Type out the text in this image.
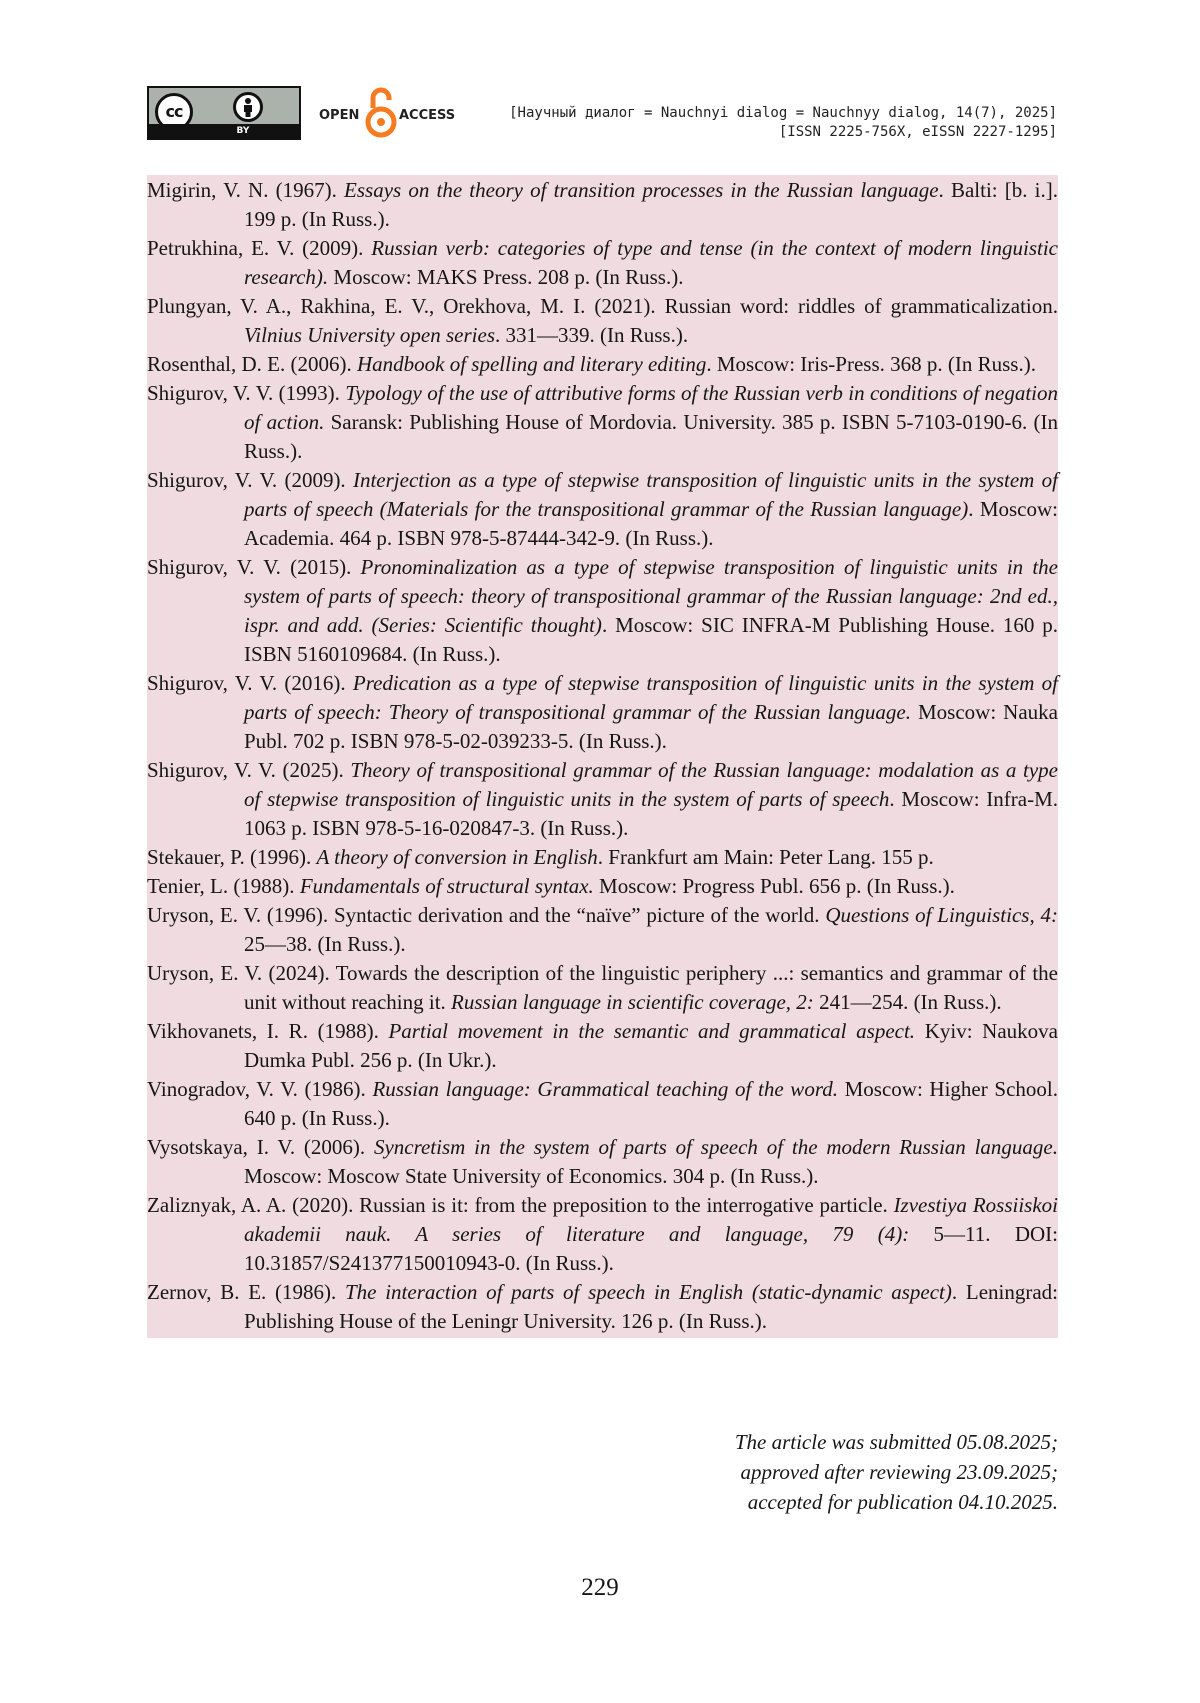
cc
BY
OPEN	ACCESS	[Научный диалог = Nauchnyi dialog = Nauchnyy dialog, 14(7), 2025]
[ISSN 2225-756X, eISSN 2227-1295]
Migirin, V. N. (1967). Essays on the theory of transition processes in the Russian language. Balti: [b. i.]. 199 p. (In Russ.).
Petrukhina, E. V. (2009). Russian verb: categories of type and tense (in the context of modern linguistic research). Moscow: MAKS Press. 208 p. (In Russ.).
Plungyan, V. A., Rakhina, E. V., Orekhova, M. I. (2021). Russian word: riddles of grammaticalization. Vilnius University open series. 331—339. (In Russ.).
Rosenthal, D. E. (2006). Handbook of spelling and literary editing. Moscow: Iris-Press. 368 p. (In Russ.).
Shigurov, V. V. (1993). Typology of the use of attributive forms of the Russian verb in conditions of negation of action. Saransk: Publishing House of Mordovia. University. 385 p. ISBN 5-7103-0190-6. (In Russ.).
Shigurov, V. V. (2009). Interjection as a type of stepwise transposition of linguistic units in the system of parts of speech (Materials for the transpositional grammar of the Russian language). Moscow: Academia. 464 p. ISBN 978-5-87444-342-9. (In Russ.).
Shigurov, V. V. (2015). Pronominalization as a type of stepwise transposition of linguistic units in the system of parts of speech: theory of transpositional grammar of the Russian language: 2nd ed., ispr. and add. (Series: Scientific thought). Moscow: SIC INFRA-M Publishing House. 160 p. ISBN 5160109684. (In Russ.).
Shigurov, V. V. (2016). Predication as a type of stepwise transposition of linguistic units in the system of parts of speech: Theory of transpositional grammar of the Russian language. Moscow: Nauka Publ. 702 p. ISBN 978-5-02-039233-5. (In Russ.).
Shigurov, V. V. (2025). Theory of transpositional grammar of the Russian language: modalation as a type of stepwise transposition of linguistic units in the system of parts of speech. Moscow: Infra-M. 1063 p. ISBN 978-5-16-020847-3. (In Russ.).
Stekauer, P. (1996). A theory of conversion in English. Frankfurt am Main: Peter Lang. 155 p.
Tenier, L. (1988). Fundamentals of structural syntax. Moscow: Progress Publ. 656 p. (In Russ.).
Uryson, E. V. (1996). Syntactic derivation and the “naïve” picture of the world. Questions of Linguistics, 4: 25—38. (In Russ.).
Uryson, E. V. (2024). Towards the description of the linguistic periphery ...: semantics and grammar of the unit without reaching it. Russian language in scientific coverage, 2: 241—254. (In Russ.).
Vikhovanets, I. R. (1988). Partial movement in the semantic and grammatical aspect. Kyiv: Naukova Dumka Publ. 256 p. (In Ukr.).
Vinogradov, V. V. (1986). Russian language: Grammatical teaching of the word. Moscow: Higher School. 640 p. (In Russ.).
Vysotskaya, I. V. (2006). Syncretism in the system of parts of speech of the modern Russian language. Moscow: Moscow State University of Economics. 304 p. (In Russ.).
Zaliznyak, A. A. (2020). Russian is it: from the preposition to the interrogative particle. Izvestiya Rossiiskoi akademii nauk. A series of literature and language, 79 (4): 5—11. DOI: 10.31857/S241377150010943-0. (In Russ.).
Zernov, B. E. (1986). The interaction of parts of speech in English (static-dynamic aspect). Leningrad: Publishing House of the Leningr University. 126 p. (In Russ.).
The article was submitted 05.08.2025;
approved after reviewing 23.09.2025;
accepted for publication 04.10.2025.
229
